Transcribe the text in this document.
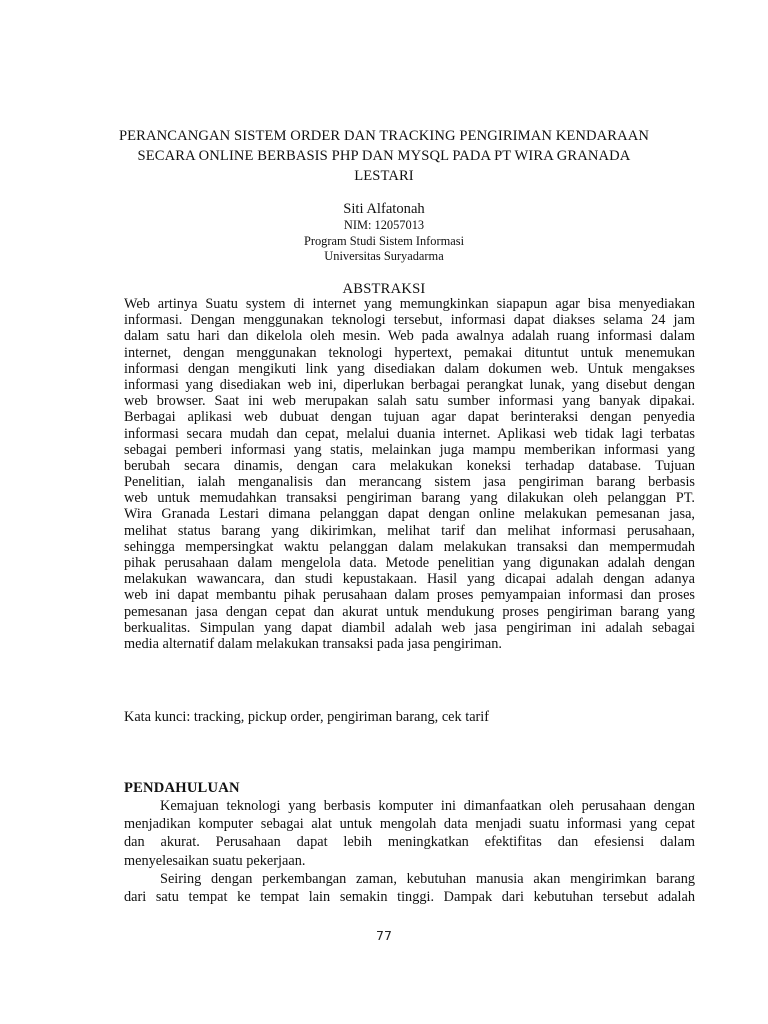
PERANCANGAN SISTEM ORDER DAN TRACKING PENGIRIMAN KENDARAAN
SECARA ONLINE BERBASIS PHP DAN MYSQL PADA PT WIRA GRANADA
LESTARI
Siti Alfatonah
NIM: 12057013
Program Studi Sistem Informasi
Universitas Suryadarma
ABSTRAKSI
Web artinya Suatu system di internet yang memungkinkan siapapun agar bisa menyediakan
informasi. Dengan menggunakan teknologi tersebut, informasi dapat diakses selama 24 jam
dalam satu hari dan dikelola oleh mesin. Web pada awalnya adalah ruang informasi dalam
internet, dengan menggunakan teknologi hypertext, pemakai dituntut untuk menemukan
informasi dengan mengikuti link yang disediakan dalam dokumen web. Untuk mengakses
informasi yang disediakan web ini, diperlukan berbagai perangkat lunak, yang disebut dengan
web browser. Saat ini web merupakan salah satu sumber informasi yang banyak dipakai.
Berbagai aplikasi web dubuat dengan tujuan agar dapat berinteraksi dengan penyedia
informasi secara mudah dan cepat, melalui duania internet. Aplikasi web tidak lagi terbatas
sebagai pemberi informasi yang statis, melainkan juga mampu memberikan informasi yang
berubah secara dinamis, dengan cara melakukan koneksi terhadap database. Tujuan
Penelitian, ialah menganalisis dan merancang sistem jasa pengiriman barang berbasis
web untuk memudahkan transaksi pengiriman barang yang dilakukan oleh pelanggan PT.
Wira Granada Lestari dimana pelanggan dapat dengan online melakukan pemesanan jasa,
melihat status barang yang dikirimkan, melihat tarif dan melihat informasi perusahaan,
sehingga mempersingkat waktu pelanggan dalam melakukan transaksi dan mempermudah
pihak perusahaan dalam mengelola data. Metode penelitian yang digunakan adalah dengan
melakukan wawancara, dan studi kepustakaan. Hasil yang dicapai adalah dengan adanya
web ini dapat membantu pihak perusahaan dalam proses pemyampaian informasi dan proses
pemesanan jasa dengan cepat dan akurat untuk mendukung proses pengiriman barang yang
berkualitas. Simpulan yang dapat diambil adalah web jasa pengiriman ini adalah sebagai
media alternatif dalam melakukan transaksi pada jasa pengiriman.
Kata kunci: tracking, pickup order, pengiriman barang, cek tarif
PENDAHULUAN
Kemajuan teknologi yang berbasis komputer ini dimanfaatkan oleh perusahaan dengan
menjadikan komputer sebagai alat untuk mengolah data menjadi suatu informasi yang cepat
dan akurat. Perusahaan dapat lebih meningkatkan efektifitas dan efesiensi dalam
menyelesaikan suatu pekerjaan.
Seiring dengan perkembangan zaman, kebutuhan manusia akan mengirimkan barang
dari satu tempat ke tempat lain semakin tinggi. Dampak dari kebutuhan tersebut adalah
77
